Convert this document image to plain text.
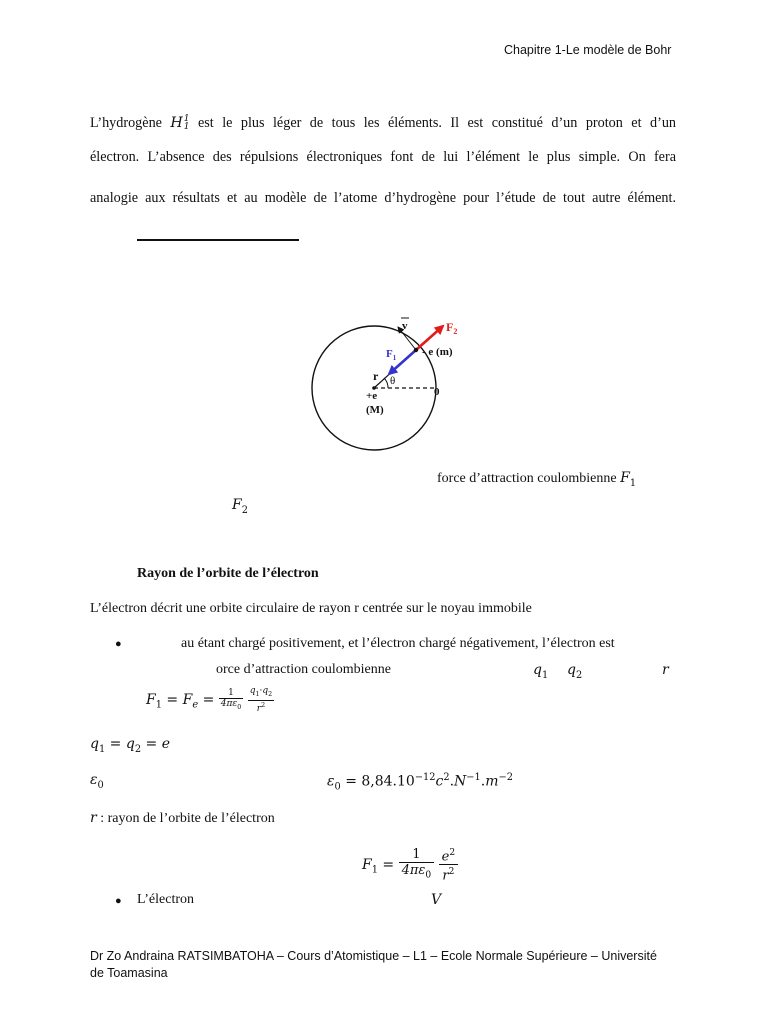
Chapitre 1-Le modèle de Bohr
L’hydrogène H 1
1 est le plus léger de tous les éléments. Il est constitué d’un proton et d’un
électron. L’absence des répulsions électroniques font de lui l’élément le plus simple. On fera
analogie aux résultats et au modèle de l’atome d’hydrogène pour l’étude de tout autre élément.
v	$F_2$
$F_1$ - e (m)
r θ
0
+e
(M)
force d’attraction coulombienne $F_1$
$F_2$
Rayon de l’orbite de l’électron
L’électron décrit une orbite circulaire de rayon r centrée sur le noyau immobile
●	au étant chargé positivement, et l’électron chargé négativement, l’électron est
orce d’attraction coulombienne	$q_1$ $q_2$	r
$F_1 = F_e = \frac{1}{4\pi\varepsilon_0}$
$\frac{q_1\cdot q_2}{r^2}$
$q_1 = q_2 = e$
$\varepsilon_0$	$\varepsilon_0 = 8,84.10^{-12}c^2.N^{-1}.m^{-2}$
r : rayon de l’orbite de l’électron
$F_1 = \frac{1}{4\pi\varepsilon_0}$
$\frac{e^2}{r^2}$
● L’électron	V
Dr Zo Andraina RATSIMBATOHA – Cours d’Atomistique – L1 – Ecole Normale Supérieure – Université
de Toamasina
